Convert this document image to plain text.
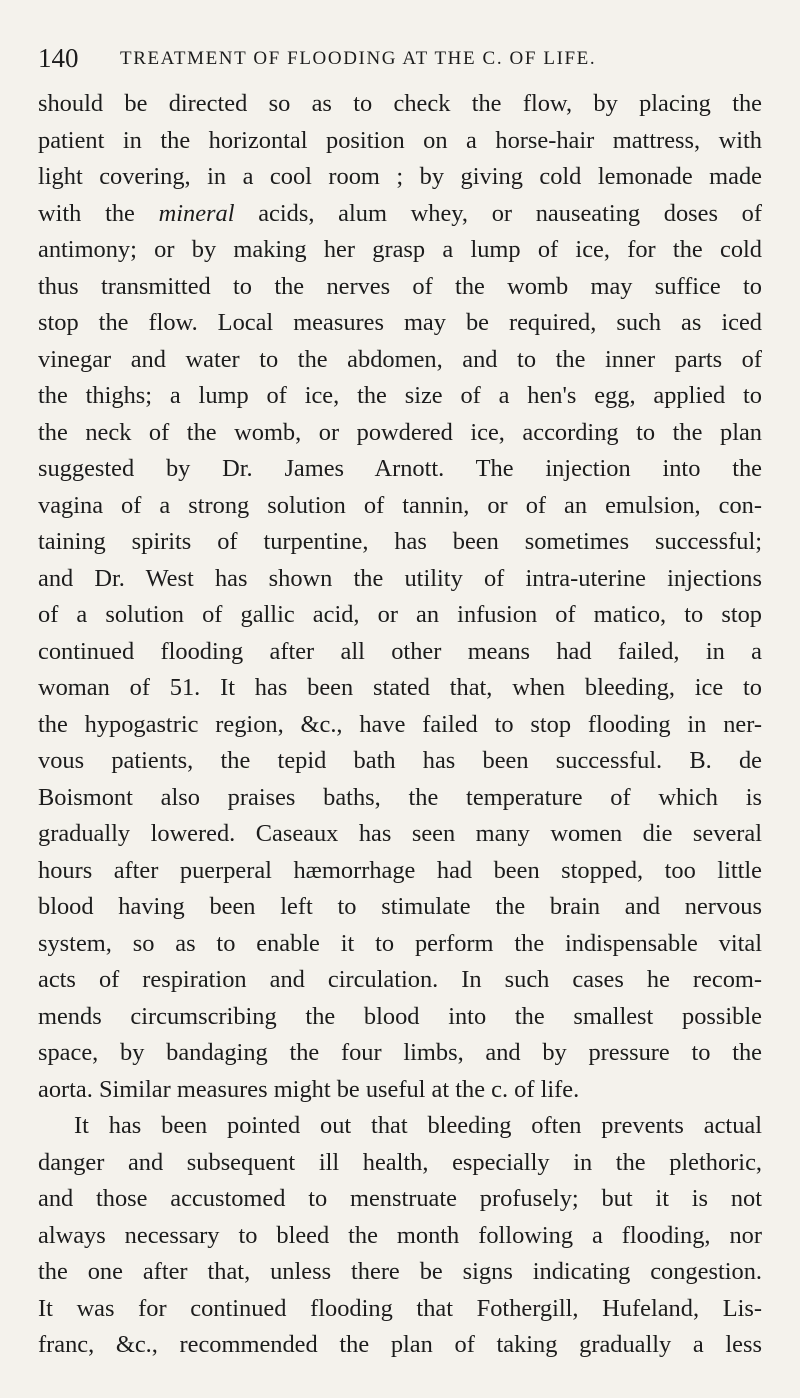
140 TREATMENT OF FLOODING AT THE C. OF LIFE.
should be directed so as to check the flow, by placing the
patient in the horizontal position on a horse-hair mattress, with
light covering, in a cool room ; by giving cold lemonade made
with the mineral acids, alum whey, or nauseating doses of
antimony; or by making her grasp a lump of ice, for the cold
thus transmitted to the nerves of the womb may suffice to
stop the flow. Local measures may be required, such as iced
vinegar and water to the abdomen, and to the inner parts of
the thighs; a lump of ice, the size of a hen's egg, applied to
the neck of the womb, or powdered ice, according to the plan
suggested by Dr. James Arnott. The injection into the
vagina of a strong solution of tannin, or of an emulsion, con-
taining spirits of turpentine, has been sometimes successful;
and Dr. West has shown the utility of intra-uterine injections
of a solution of gallic acid, or an infusion of matico, to stop
continued flooding after all other means had failed, in a
woman of 51. It has been stated that, when bleeding, ice to
the hypogastric region, &c., have failed to stop flooding in ner-
vous patients, the tepid bath has been successful. B. de
Boismont also praises baths, the temperature of which is
gradually lowered. Caseaux has seen many women die several
hours after puerperal hæmorrhage had been stopped, too little
blood having been left to stimulate the brain and nervous
system, so as to enable it to perform the indispensable vital
acts of respiration and circulation. In such cases he recom-
mends circumscribing the blood into the smallest possible
space, by bandaging the four limbs, and by pressure to the
aorta. Similar measures might be useful at the c. of life.
It has been pointed out that bleeding often prevents actual
danger and subsequent ill health, especially in the plethoric,
and those accustomed to menstruate profusely; but it is not
always necessary to bleed the month following a flooding, nor
the one after that, unless there be signs indicating congestion.
It was for continued flooding that Fothergill, Hufeland, Lis-
franc, &c., recommended the plan of taking gradually a less
